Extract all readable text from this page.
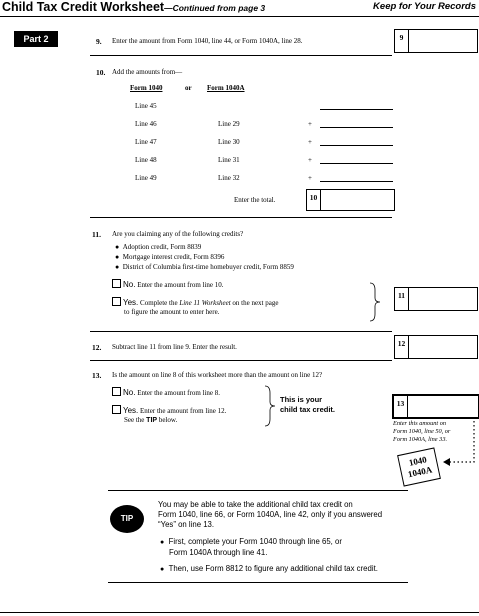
Child Tax Credit Worksheet—Continued from page 3	Keep for Your Records
Part 2	9. Enter the amount from Form 1040, line 44, or Form 1040A, line 28.	9
10. Add the amounts from—
Form 1040	or Form 1040A
Line 45
Line 46	Line 29	+
Line 47	Line 30	+
Line 48	Line 31	+
Line 49	Line 32	+
Enter the total.	10
11. Are you claiming any of the following credits?
● Adoption credit, Form 8839
● Mortgage interest credit, Form 8396
● District of Columbia first-time homebuyer credit, Form 8859
No. Enter the amount from line 10.
Yes. Complete the Line 11 Worksheet on the next page
to figure the amount to enter here.
11
12. Subtract line 11 from line 9. Enter the result.	12
13. Is the amount on line 8 of this worksheet more than the amount on line 12?
No. Enter the amount from line 8.
Yes. Enter the amount from line 12.
See the TIP below.
This is your
child tax credit.
13
Enter this amount on
Form 1040, line 50, or
Form 1040A, line 33.
1040
1040A
TIP
You may be able to take the additional child tax credit on
Form 1040, line 66, or Form 1040A, line 42, only if you answered
“Yes” on line 13.
● First, complete your Form 1040 through line 65, or
Form 1040A through line 41.
● Then, use Form 8812 to figure any additional child tax credit.
